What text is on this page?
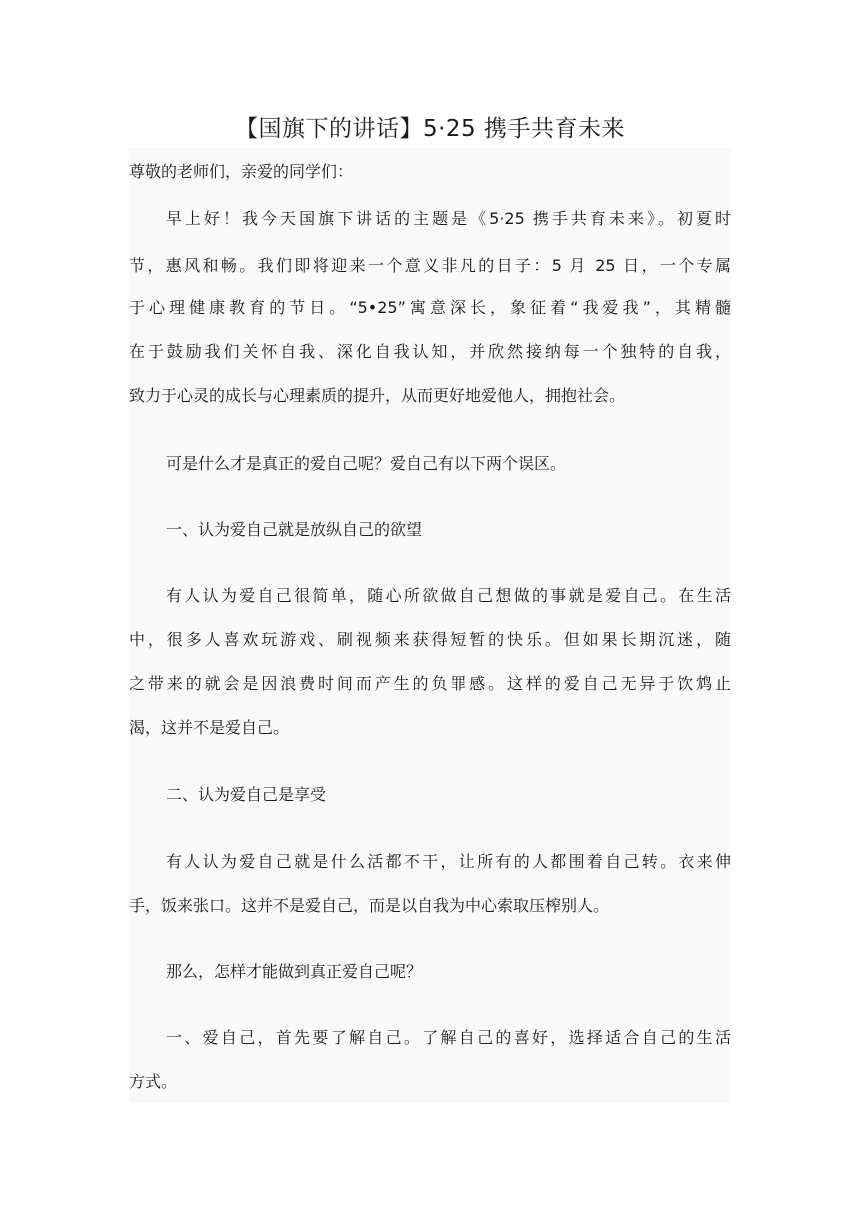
【国旗下的讲话】5·25 携手共育未来
尊敬的老师们，亲爱的同学们：
早上好！我今天国旗下讲话的主题是《5·25 携手共育未来》。初夏时
节，惠风和畅。我们即将迎来一个意义非凡的日子：5 月 25 日，一个专属
于心理健康教育的节日。“5•25”寓意深长，象征着“我爱我”，其精髓
在于鼓励我们关怀自我、深化自我认知，并欣然接纳每一个独特的自我，
致力于心灵的成长与心理素质的提升，从而更好地爱他人，拥抱社会。
可是什么才是真正的爱自己呢？爱自己有以下两个误区。
一、认为爱自己就是放纵自己的欲望
有人认为爱自己很简单，随心所欲做自己想做的事就是爱自己。在生活
中，很多人喜欢玩游戏、刷视频来获得短暂的快乐。但如果长期沉迷，随
之带来的就会是因浪费时间而产生的负罪感。这样的爱自己无异于饮鸩止
渴，这并不是爱自己。
二、认为爱自己是享受
有人认为爱自己就是什么活都不干，让所有的人都围着自己转。衣来伸
手，饭来张口。这并不是爱自己，而是以自我为中心索取压榨别人。
那么，怎样才能做到真正爱自己呢？
一、爱自己，首先要了解自己。了解自己的喜好，选择适合自己的生活
方式。
